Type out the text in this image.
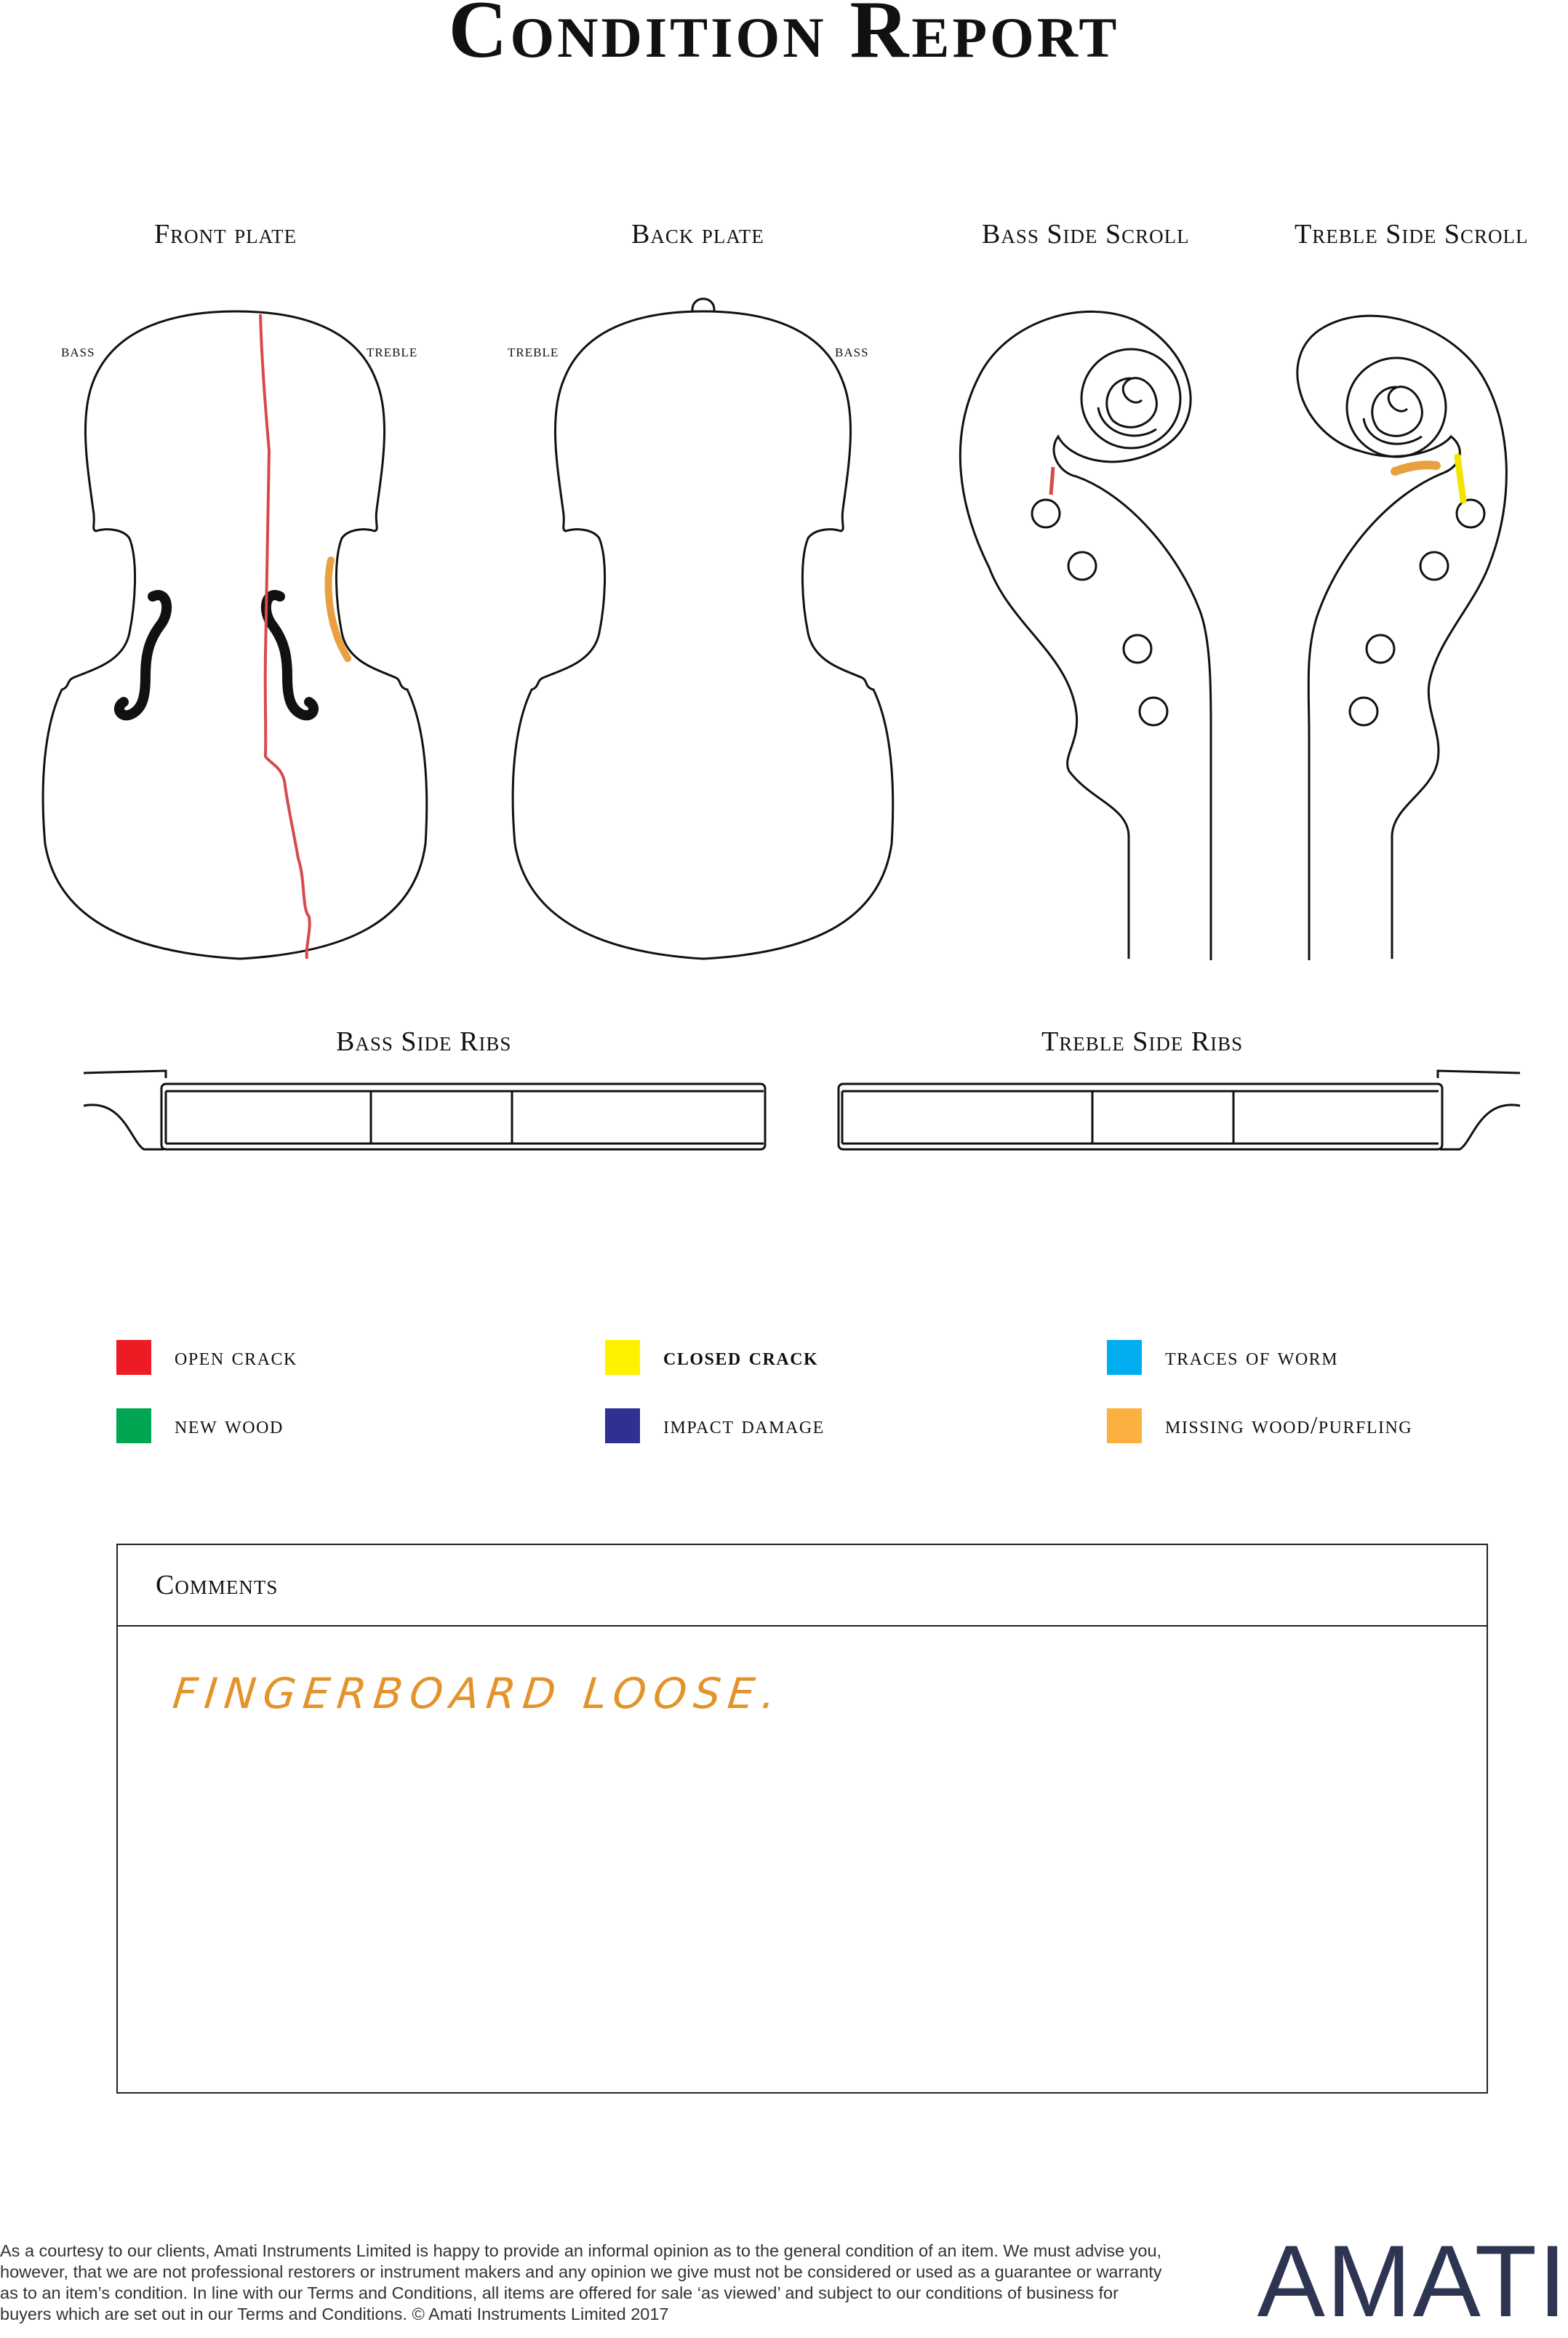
Condition Report
Front plate	Back plate	Bass Side Scroll	Treble Side Scroll
bass	treble	treble	bass
Bass Side Ribs	Treble Side Ribs
open crack	closed crack	traces of worm
new wood	impact damage	missing wood/purfling
Comments
FINGERBOARD LOOSE.
As a courtesy to our clients, Amati Instruments Limited is happy to provide an informal opinion as to the general condition of an item. We must advise you, however, that we are not professional restorers or instrument makers and any opinion we give must not be considered or used as a guarantee or warranty as to an item’s condition. In line with our Terms and Conditions, all items are offered for sale ‘as viewed’ and subject to our conditions of business for buyers which are set out in our Terms and Conditions. © Amati Instruments Limited 2017	AMATI
